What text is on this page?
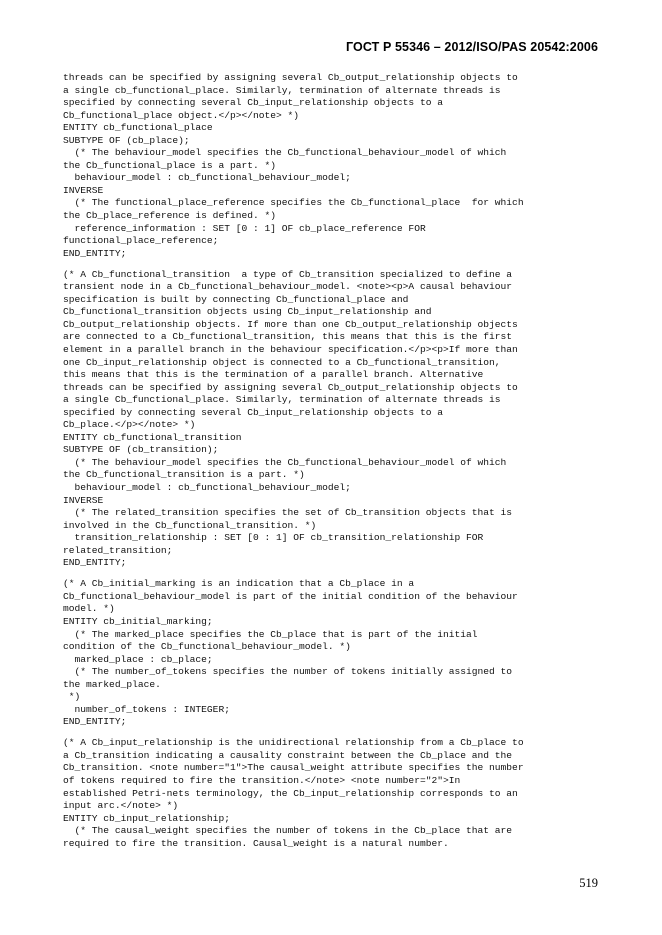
ГОСТ Р 55346 – 2012/ISO/PAS 20542:2006
threads can be specified by assigning several Cb_output_relationship objects to
a single cb_functional_place. Similarly, termination of alternate threads is
specified by connecting several Cb_input_relationship objects to a
Cb_functional_place object.</p></note> *)
ENTITY cb_functional_place
SUBTYPE OF (cb_place);
(* The behaviour_model specifies the Cb_functional_behaviour_model of which
the Cb_functional_place is a part. *)
behaviour_model : cb_functional_behaviour_model;
INVERSE
(* The functional_place_reference specifies the Cb_functional_place  for which
the Cb_place_reference is defined. *)
reference_information : SET [0 : 1] OF cb_place_reference FOR
functional_place_reference;
END_ENTITY;
(* A Cb_functional_transition  a type of Cb_transition specialized to define a
transient node in a Cb_functional_behaviour_model. <note><p>A causal behaviour
specification is built by connecting Cb_functional_place and
Cb_functional_transition objects using Cb_input_relationship and
Cb_output_relationship objects. If more than one Cb_output_relationship objects
are connected to a Cb_functional_transition, this means that this is the first
element in a parallel branch in the behaviour specification.</p><p>If more than
one Cb_input_relationship object is connected to a Cb_functional_transition,
this means that this is the termination of a parallel branch. Alternative
threads can be specified by assigning several Cb_output_relationship objects to
a single Cb_functional_place. Similarly, termination of alternate threads is
specified by connecting several Cb_input_relationship objects to a
Cb_place.</p></note> *)
ENTITY cb_functional_transition
SUBTYPE OF (cb_transition);
(* The behaviour_model specifies the Cb_functional_behaviour_model of which
the Cb_functional_transition is a part. *)
behaviour_model : cb_functional_behaviour_model;
INVERSE
(* The related_transition specifies the set of Cb_transition objects that is
involved in the Cb_functional_transition. *)
transition_relationship : SET [0 : 1] OF cb_transition_relationship FOR
related_transition;
END_ENTITY;
(* A Cb_initial_marking is an indication that a Cb_place in a
Cb_functional_behaviour_model is part of the initial condition of the behaviour
model. *)
ENTITY cb_initial_marking;
(* The marked_place specifies the Cb_place that is part of the initial
condition of the Cb_functional_behaviour_model. *)
marked_place : cb_place;
(* The number_of_tokens specifies the number of tokens initially assigned to
the marked_place.
*)
number_of_tokens : INTEGER;
END_ENTITY;
(* A Cb_input_relationship is the unidirectional relationship from a Cb_place to
a Cb_transition indicating a causality constraint between the Cb_place and the
Cb_transition. <note number="1">The causal_weight attribute specifies the number
of tokens required to fire the transition.</note> <note number="2">In
established Petri-nets terminology, the Cb_input_relationship corresponds to an
input arc.</note> *)
ENTITY cb_input_relationship;
(* The causal_weight specifies the number of tokens in the Cb_place that are
required to fire the transition. Causal_weight is a natural number.
519
